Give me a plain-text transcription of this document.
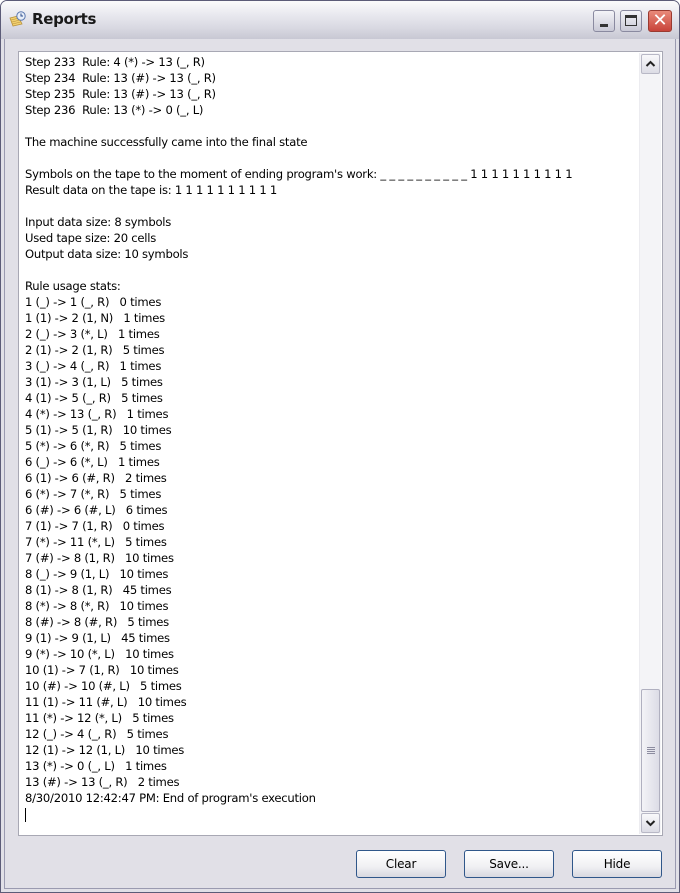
Reports	✕
Step 233  Rule: 4 (*) -> 13 (_, R)
Step 234  Rule: 13 (#) -> 13 (_, R)
Step 235  Rule: 13 (#) -> 13 (_, R)
Step 236  Rule: 13 (*) -> 0 (_, L)
The machine successfully came into the final state
Symbols on the tape to the moment of ending program's work: _ _ _ _ _ _ _ _ _ _ 1 1 1 1 1 1 1 1 1 1
Result data on the tape is: 1 1 1 1 1 1 1 1 1 1
Input data size: 8 symbols
Used tape size: 20 cells
Output data size: 10 symbols
Rule usage stats:
1 (_) -> 1 (_, R)   0 times
1 (1) -> 2 (1, N)   1 times
2 (_) -> 3 (*, L)   1 times
2 (1) -> 2 (1, R)   5 times
3 (_) -> 4 (_, R)   1 times
3 (1) -> 3 (1, L)   5 times
4 (1) -> 5 (_, R)   5 times
4 (*) -> 13 (_, R)   1 times
5 (1) -> 5 (1, R)   10 times
5 (*) -> 6 (*, R)   5 times
6 (_) -> 6 (*, L)   1 times
6 (1) -> 6 (#, R)   2 times
6 (*) -> 7 (*, R)   5 times
6 (#) -> 6 (#, L)   6 times
7 (1) -> 7 (1, R)   0 times
7 (*) -> 11 (*, L)   5 times
7 (#) -> 8 (1, R)   10 times
8 (_) -> 9 (1, L)   10 times
8 (1) -> 8 (1, R)   45 times
8 (*) -> 8 (*, R)   10 times
8 (#) -> 8 (#, R)   5 times
9 (1) -> 9 (1, L)   45 times
9 (*) -> 10 (*, L)   10 times
10 (1) -> 7 (1, R)   10 times
10 (#) -> 10 (#, L)   5 times
11 (1) -> 11 (#, L)   10 times
11 (*) -> 12 (*, L)   5 times
12 (_) -> 4 (_, R)   5 times
12 (1) -> 12 (1, L)   10 times
13 (*) -> 0 (_, L)   1 times
13 (#) -> 13 (_, R)   2 times
8/30/2010 12:42:47 PM: End of program's execution
Clear	Save...	Hide
